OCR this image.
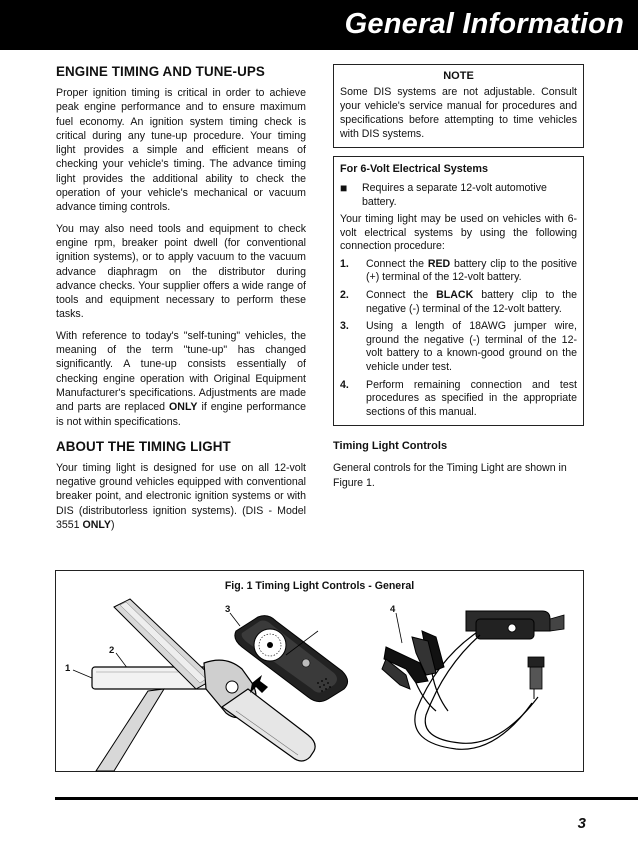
General Information
ENGINE TIMING AND TUNE-UPS

Proper ignition timing is critical in order to achieve peak engine performance and to ensure maximum fuel economy. An ignition system timing check is critical during any tune-up procedure. Your timing light provides a simple and efficient means of checking your vehicle's timing. The advance timing light provides the additional ability to check the operation of your vehicle's mechanical or vacuum advance timing controls.

You may also need tools and equipment to check engine rpm, breaker point dwell (for conventional ignition systems), or to apply vacuum to the vacuum advance diaphragm on the distributor during advance checks. Your supplier offers a wide range of tools and equipment necessary to perform these tasks.

With reference to today's "self-tuning" vehicles, the meaning of the term "tune-up" has changed significantly. A tune-up consists essentially of checking engine operation with Original Equipment Manufacturer's specifications. Adjustments are made and parts are replaced ONLY if engine performance is not within specifications.

ABOUT THE TIMING LIGHT

Your timing light is designed for use on all 12-volt negative ground vehicles equipped with conventional breaker point, and electronic ignition systems or with DIS (distributorless ignition systems). (DIS - Model 3551 ONLY)

NOTE
Some DIS systems are not adjustable. Consult your vehicle's service manual for procedures and specifications before attempting to time vehicles with DIS systems.
For 6-Volt Electrical Systems
■	Requires a separate 12-volt automotive battery.
Your timing light may be used on vehicles with 6-volt electrical systems by using the following connection procedure:
1.	Connect the RED battery clip to the positive (+) terminal of the 12-volt battery.
2.	Connect the BLACK battery clip to the negative (-) terminal of the 12-volt battery.
3.	Using a length of 18AWG jumper wire, ground the negative (-) terminal of the 12-volt battery to a known-good ground on the vehicle under test.
4.	Perform remaining connection and test procedures as specified in the appropriate sections of this manual.
Timing Light Controls

General controls for the Timing Light are shown in Figure 1.

Fig. 1 Timing Light Controls - General
1
2
3	4
3
